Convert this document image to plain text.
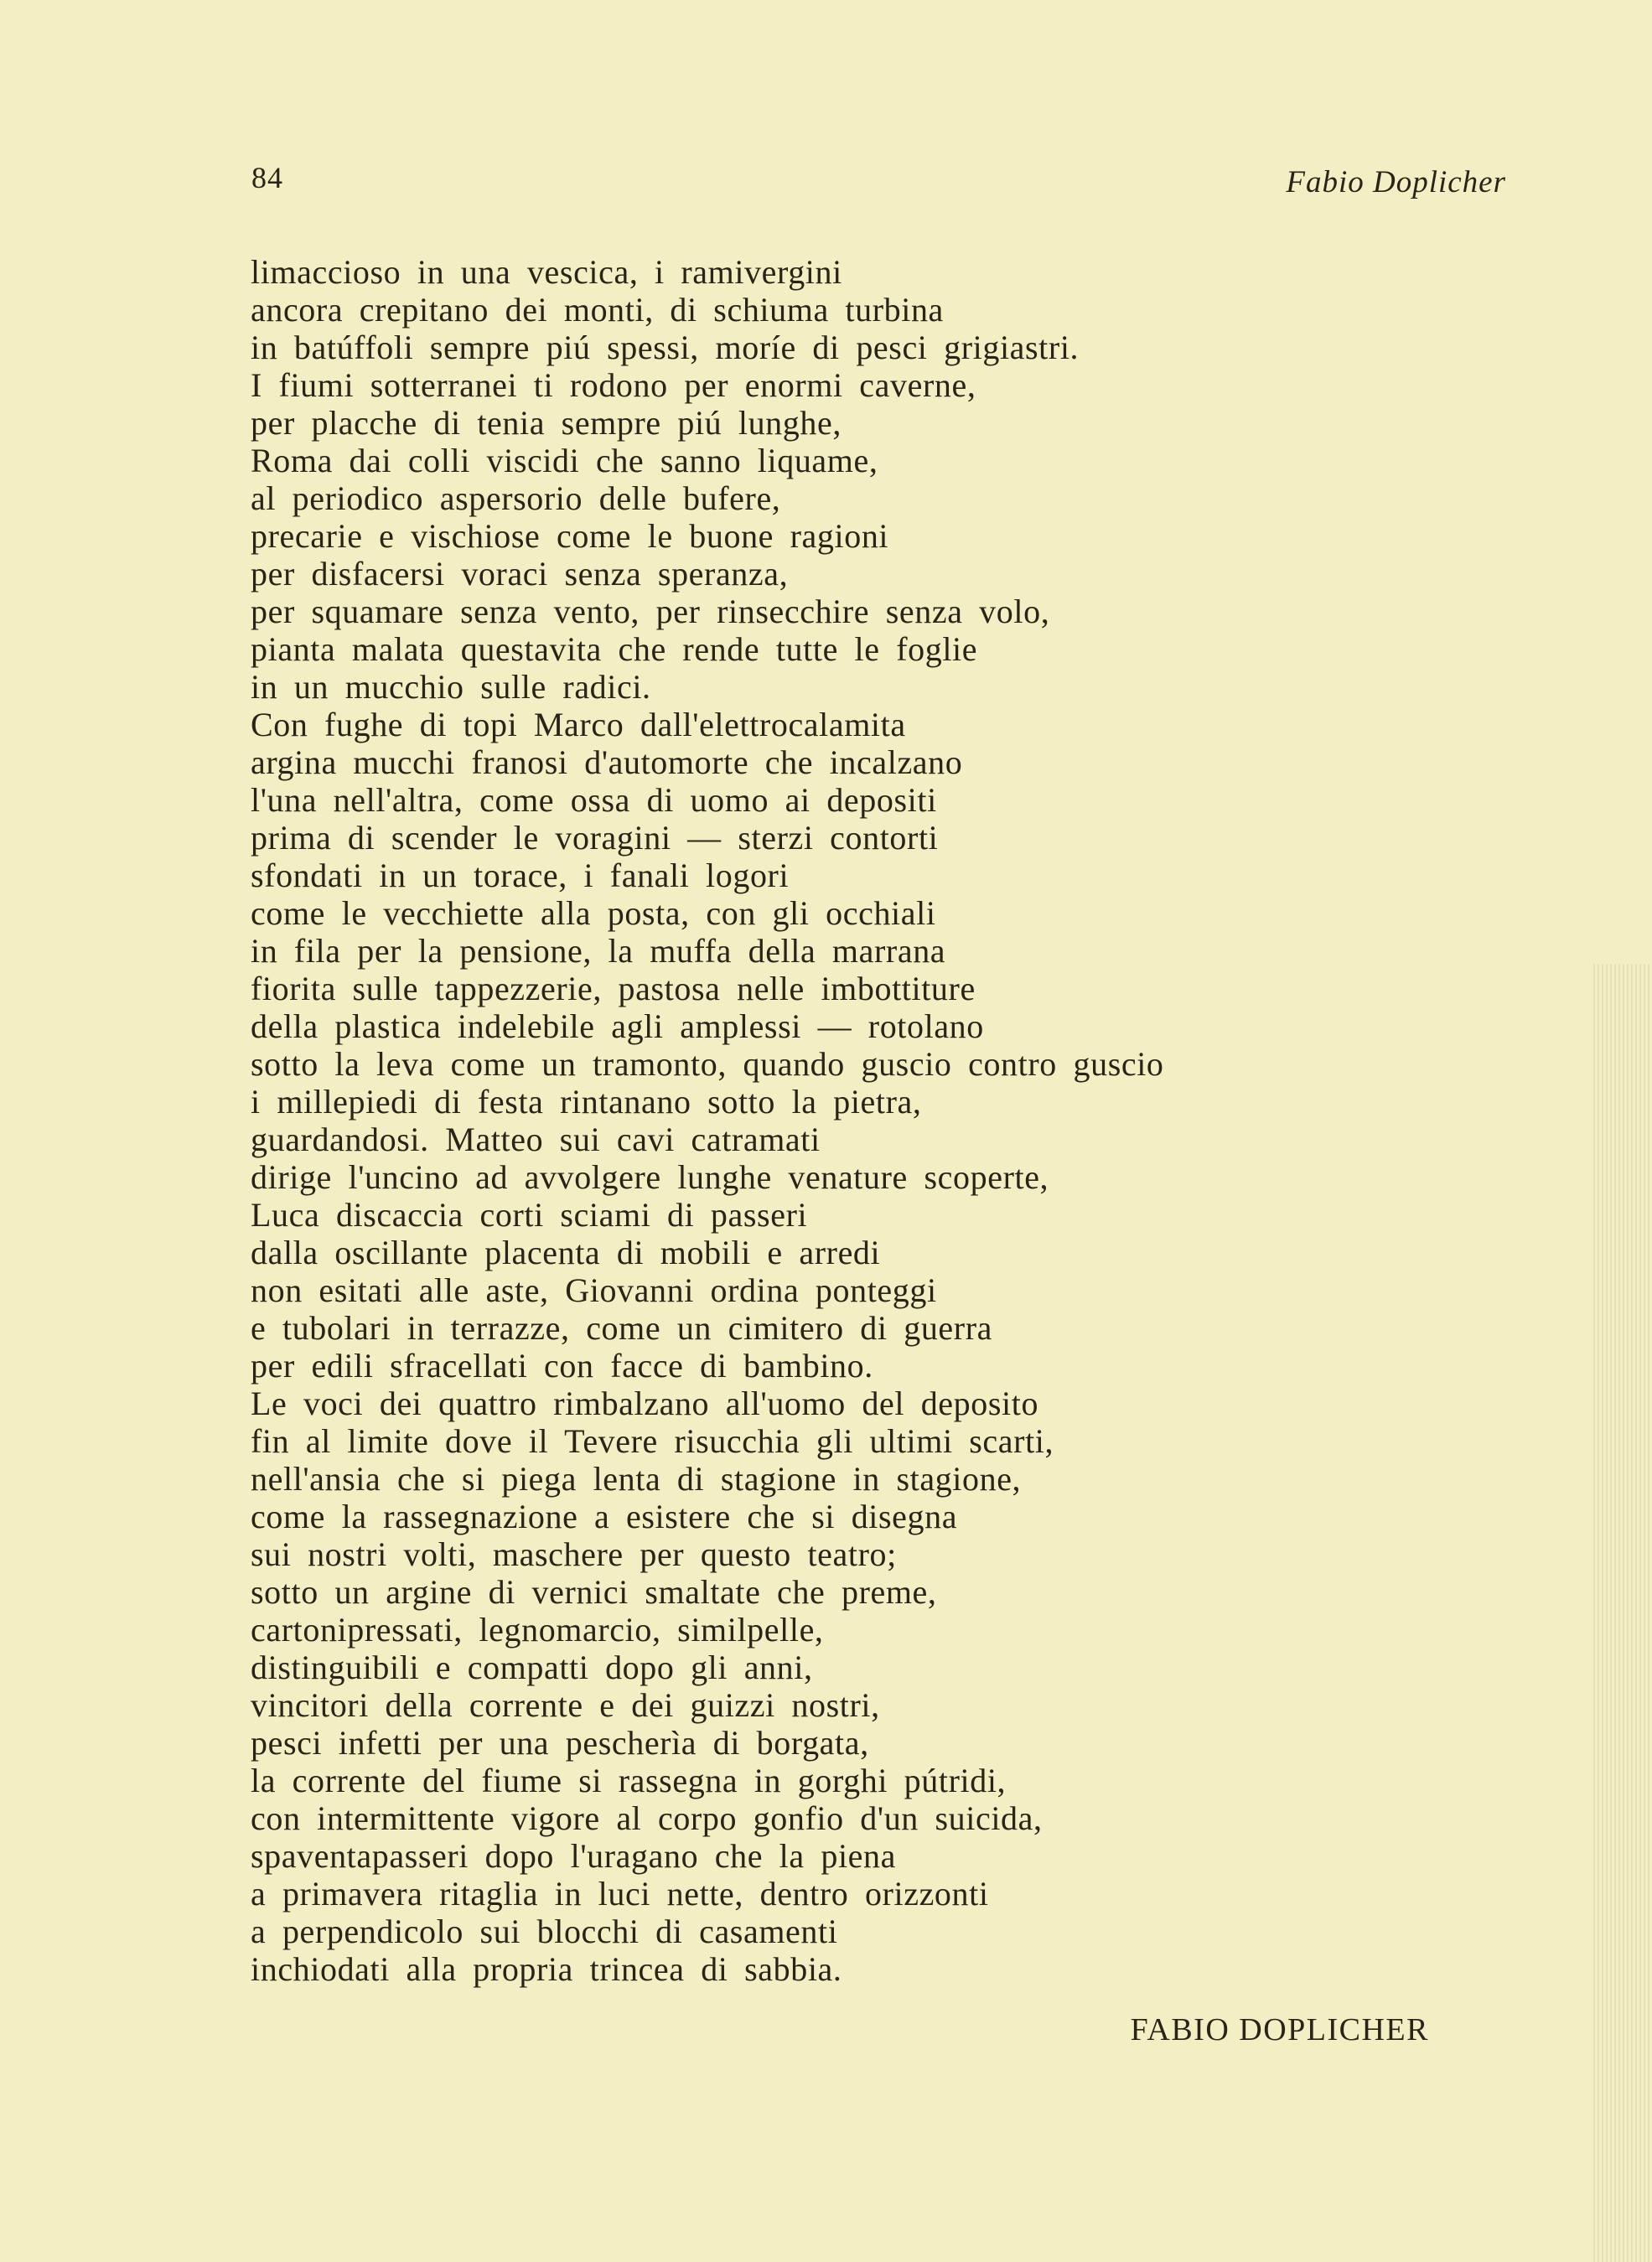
84	Fabio Doplicher
limaccioso in una vescica, i ramivergini
ancora crepitano dei monti, di schiuma turbina
in batúffoli sempre piú spessi, moríe di pesci grigiastri.
I fiumi sotterranei ti rodono per enormi caverne,
per placche di tenia sempre piú lunghe,
Roma dai colli viscidi che sanno liquame,
al periodico aspersorio delle bufere,
precarie e vischiose come le buone ragioni
per disfacersi voraci senza speranza,
per squamare senza vento, per rinsecchire senza volo,
pianta malata questavita che rende tutte le foglie
in un mucchio sulle radici.
Con fughe di topi Marco dall'elettrocalamita
argina mucchi franosi d'automorte che incalzano
l'una nell'altra, come ossa di uomo ai depositi
prima di scender le voragini — sterzi contorti
sfondati in un torace, i fanali logori
come le vecchiette alla posta, con gli occhiali
in fila per la pensione, la muffa della marrana
fiorita sulle tappezzerie, pastosa nelle imbottiture
della plastica indelebile agli amplessi — rotolano
sotto la leva come un tramonto, quando guscio contro guscio
i millepiedi di festa rintanano sotto la pietra,
guardandosi. Matteo sui cavi catramati
dirige l'uncino ad avvolgere lunghe venature scoperte,
Luca discaccia corti sciami di passeri
dalla oscillante placenta di mobili e arredi
non esitati alle aste, Giovanni ordina ponteggi
e tubolari in terrazze, come un cimitero di guerra
per edili sfracellati con facce di bambino.
Le voci dei quattro rimbalzano all'uomo del deposito
fin al limite dove il Tevere risucchia gli ultimi scarti,
nell'ansia che si piega lenta di stagione in stagione,
come la rassegnazione a esistere che si disegna
sui nostri volti, maschere per questo teatro;
sotto un argine di vernici smaltate che preme,
cartonipressati, legnomarcio, similpelle,
distinguibili e compatti dopo gli anni,
vincitori della corrente e dei guizzi nostri,
pesci infetti per una pescherìa di borgata,
la corrente del fiume si rassegna in gorghi pútridi,
con intermittente vigore al corpo gonfio d'un suicida,
spaventapasseri dopo l'uragano che la piena
a primavera ritaglia in luci nette, dentro orizzonti
a perpendicolo sui blocchi di casamenti
inchiodati alla propria trincea di sabbia.
FABIO DOPLICHER
